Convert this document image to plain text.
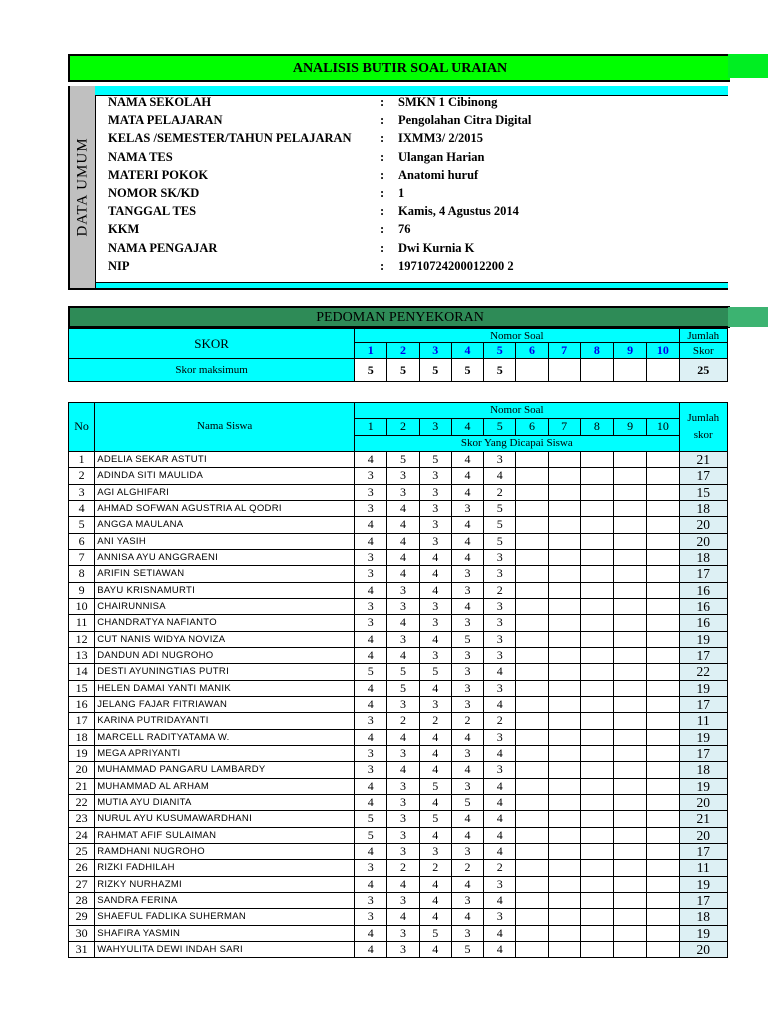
ANALISIS BUTIR SOAL URAIAN
DATA UMUM
NAMA SEKOLAH	: SMKN 1 Cibinong
MATA PELAJARAN	: Pengolahan Citra Digital
KELAS /SEMESTER/TAHUN PELAJARAN : IXMM3/ 2/2015
NAMA TES	: Ulangan Harian
MATERI POKOK	: Anatomi huruf
NOMOR SK/KD	: 1
TANGGAL TES	: Kamis, 4 Agustus 2014
KKM	: 76
NAMA PENGAJAR	: Dwi Kurnia K
NIP	: 19710724200012200 2
PEDOMAN PENYEKORAN
SKOR	Nomor Soal										Jumlah
	1	2	3	4	5	6	7	8	9	10	Skor
Skor maksimum	5	5	5	5	5						25
No	Nama Siswa	Nomor Soal										Jumlah
skor
		1	2	3	4	5	6	7	8	9	10	
		Skor Yang Dicapai Siswa										
1	ADELIA SEKAR ASTUTI	4	5	5	4	3						21
2	ADINDA SITI MAULIDA	3	3	3	4	4						17
3	AGI ALGHIFARI	3	3	3	4	2						15
4	AHMAD SOFWAN AGUSTRIA AL QODRI	3	4	3	3	5						18
5	ANGGA MAULANA	4	4	3	4	5						20
6	ANI YASIH	4	4	3	4	5						20
7	ANNISA AYU ANGGRAENI	3	4	4	4	3						18
8	ARIFIN SETIAWAN	3	4	4	3	3						17
9	BAYU KRISNAMURTI	4	3	4	3	2						16
10	CHAIRUNNISA	3	3	3	4	3						16
11	CHANDRATYA NAFIANTO	3	4	3	3	3						16
12	CUT NANIS WIDYA NOVIZA	4	3	4	5	3						19
13	DANDUN ADI NUGROHO	4	4	3	3	3						17
14	DESTI AYUNINGTIAS PUTRI	5	5	5	3	4						22
15	HELEN DAMAI YANTI MANIK	4	5	4	3	3						19
16	JELANG FAJAR FITRIAWAN	4	3	3	3	4						17
17	KARINA PUTRIDAYANTI	3	2	2	2	2						11
18	MARCELL RADITYATAMA W.	4	4	4	4	3						19
19	MEGA APRIYANTI	3	3	4	3	4						17
20	MUHAMMAD PANGARU LAMBARDY	3	4	4	4	3						18
21	MUHAMMAD AL ARHAM	4	3	5	3	4						19
22	MUTIA AYU DIANITA	4	3	4	5	4						20
23	NURUL AYU KUSUMAWARDHANI	5	3	5	4	4						21
24	RAHMAT AFIF SULAIMAN	5	3	4	4	4						20
25	RAMDHANI NUGROHO	4	3	3	3	4						17
26	RIZKI FADHILAH	3	2	2	2	2						11
27	RIZKY NURHAZMI	4	4	4	4	3						19
28	SANDRA FERINA	3	3	4	3	4						17
29	SHAEFUL FADLIKA SUHERMAN	3	4	4	4	3						18
30	SHAFIRA YASMIN	4	3	5	3	4						19
31	WAHYULITA DEWI INDAH SARI	4	3	4	5	4						20
